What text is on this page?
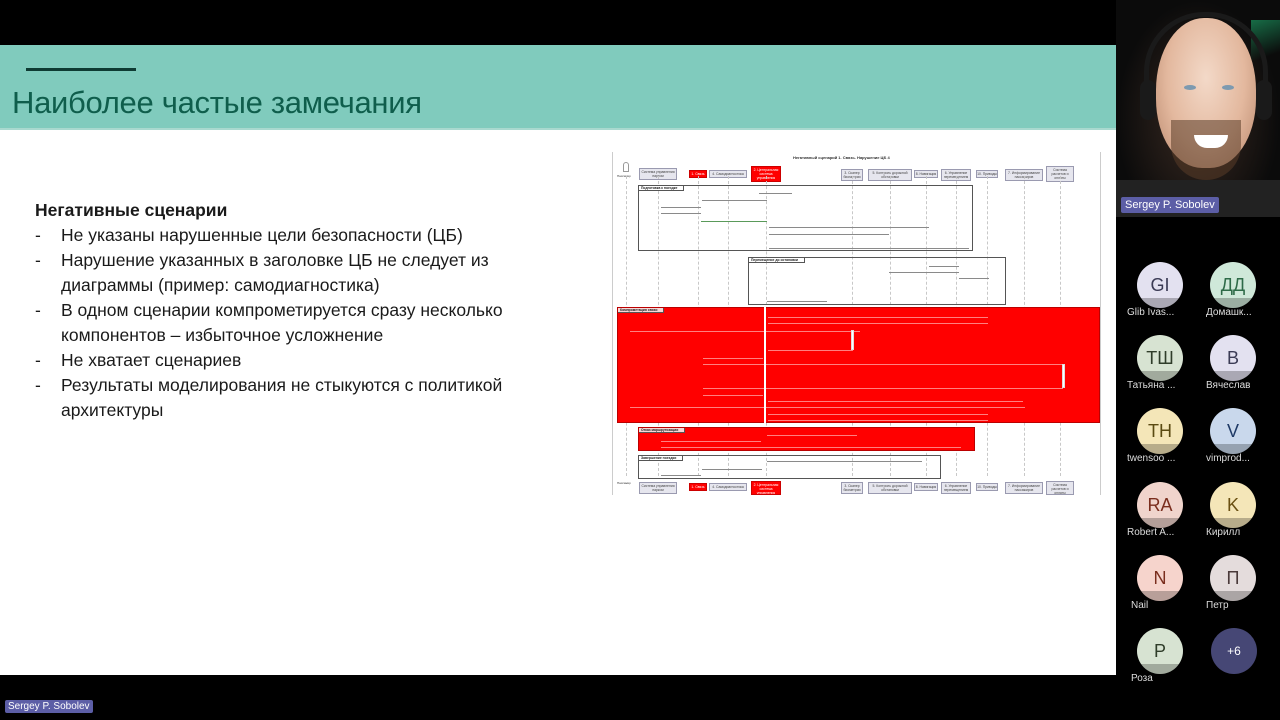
Наиболее частые замечания
Негативные сценарии
- Не указаны нарушенные цели безопасности (ЦБ)
- Нарушение указанных в заголовке ЦБ не следует из диаграммы (пример: самодиагностика)
- В одном сценарии компрометируется сразу несколько компонентов – избыточное усложнение
- Не хватает сценариев
- Результаты моделирования не стыкуются с политикой архитектуры
Негативный сценарий 1. Связь. Нарушение ЦБ 4
Пассажир
Система управления парком	1. Связь	4. Самодиагностика
2. Центральная система управления
3. Сканер биометрии
5. Контроль дорожной обстановки
8. Навигация	6. Управление перемещением
10. Приводы	7. Информирование пассажиров
Система расчетов и оплаты
Подготовка к поездке
Перемещение до остановки
Компрометация связи
Отказ маршрутизации
Завершение поездки
Пассажир
Система управления парком
1. Связь	4. Самодиагностика	2. Центральная система управления
3. Сканер биометрии
5. Контроль дорожной обстановки
8. Навигация	6. Управление перемещением
10. Приводы	7. Информирование пассажиров
Система расчетов и оплаты
Sergey P. Sobolev
Sergey P. Sobolev
GI
Glib Ivas...
ДД
Домашк...
ТШ
Татьяна ...
В
Вячеслав
TH
twensoo ...
V
vimprod...
RA
Robert A...
K
Кирилл
N
Nail
П
Петр
Р
Роза
+6
